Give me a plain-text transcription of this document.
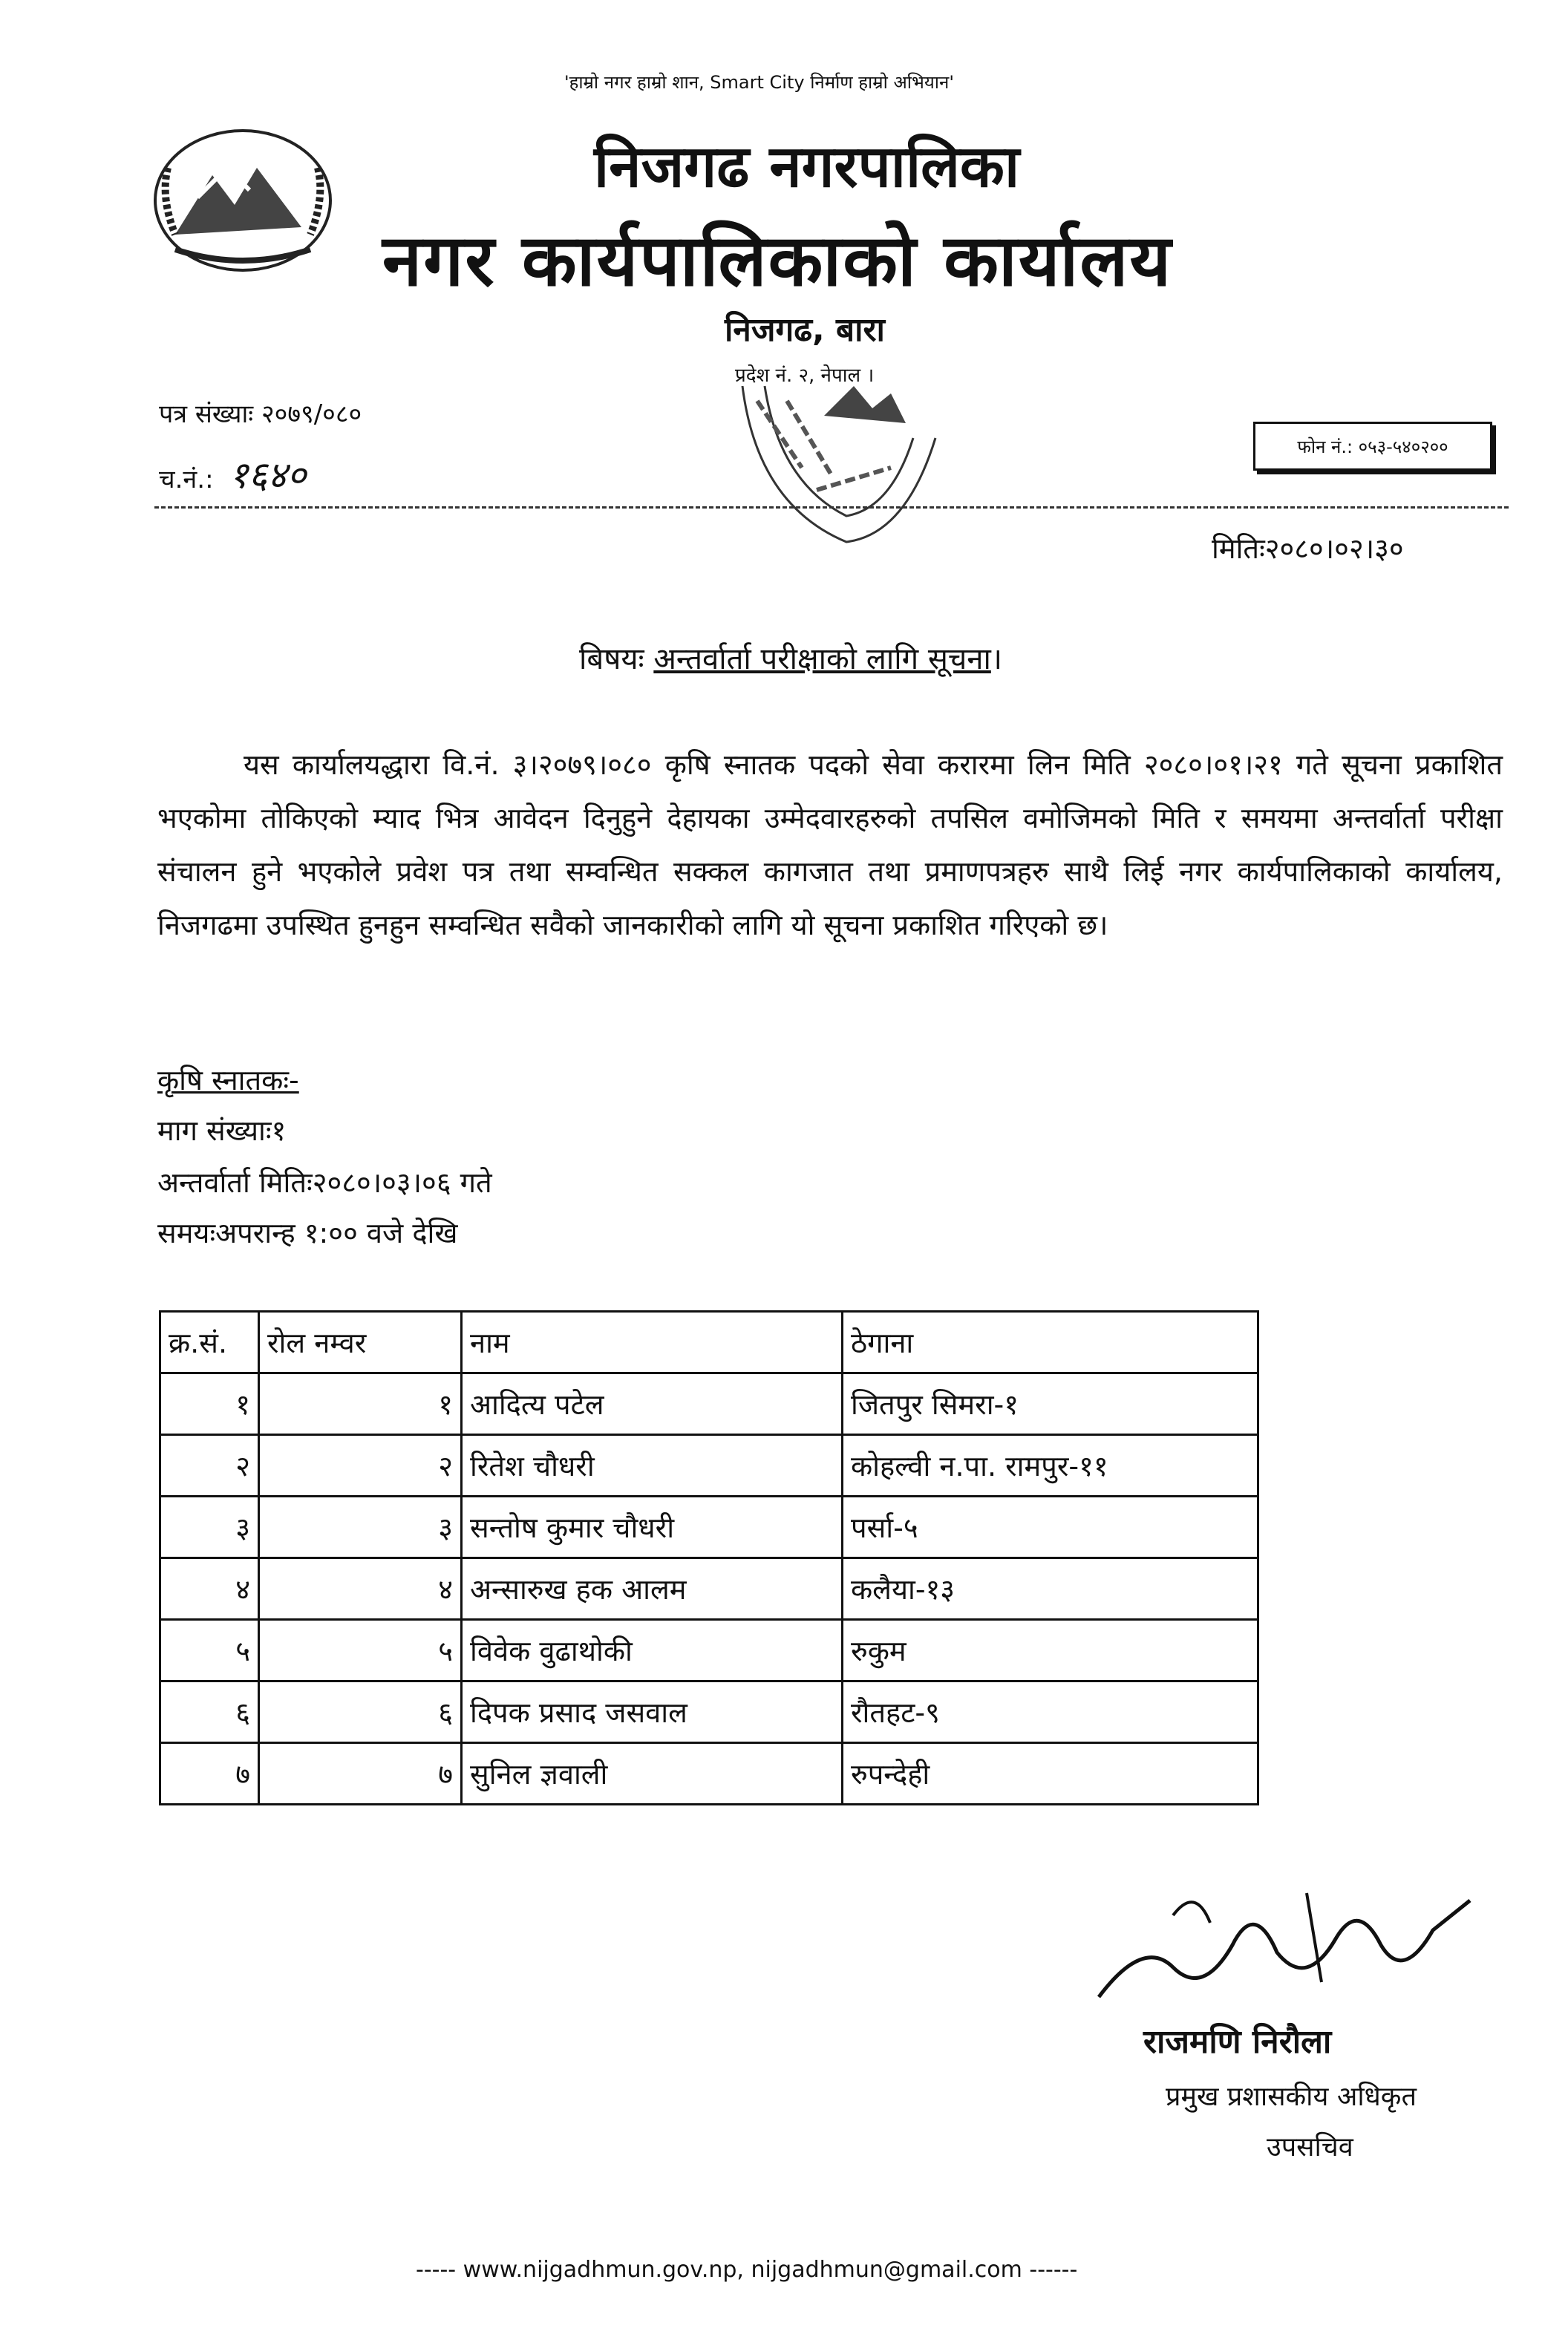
'हाम्रो नगर हाम्रो शान, Smart City निर्माण हाम्रो अभियान'
निजगढ नगरपालिका
नगर कार्यपालिकाको कार्यालय
निजगढ, बारा
प्रदेश नं. २, नेपाल ।
पत्र संख्याः २०७९/०८०
च.नं.: १६४०
फोन नं.: ०५३-५४०२००
मितिः२०८०।०२।३०
बिषयः अन्तर्वार्ता परीक्षाको लागि सूचना।
यस कार्यालयद्धारा वि.नं. ३।२०७९।०८० कृषि स्नातक पदको सेवा करारमा लिन मिति २०८०।०१।२१ गते सूचना प्रकाशित भएकोमा तोकिएको म्याद भित्र आवेदन दिनुहुने देहायका उम्मेदवारहरुको तपसिल वमोजिमको मिति र समयमा अन्तर्वार्ता परीक्षा संचालन हुने भएकोले प्रवेश पत्र तथा सम्वन्धित सक्कल कागजात तथा प्रमाणपत्रहरु साथै लिई नगर कार्यपालिकाको कार्यालय, निजगढमा उपस्थित हुनहुन सम्वन्धित सवैको जानकारीको लागि यो सूचना प्रकाशित गरिएको छ।
कृषि स्नातकः-
माग संख्याः१
अन्तर्वार्ता मितिः२०८०।०३।०६ गते
समयःअपरान्ह १:०० वजे देखि
क्र.सं.	रोल नम्वर	नाम	ठेगाना
१	१	आदित्य पटेल	जितपुर सिमरा-१
२	२	रितेश चौधरी	कोहल्वी न.पा. रामपुर-११
३	३	सन्तोष कुमार चौधरी	पर्सा-५
४	४	अन्सारुख हक आलम	कलैया-१३
५	५	विवेक वुढाथोकी	रुकुम
६	६	दिपक प्रसाद जसवाल	रौतहट-९
७	७	सुनिल ज्ञवाली	रुपन्देही
राजमणि निरौला
प्रमुख प्रशासकीय अधिकृत
उपसचिव
----- www.nijgadhmun.gov.np, nijgadhmun@gmail.com ------
